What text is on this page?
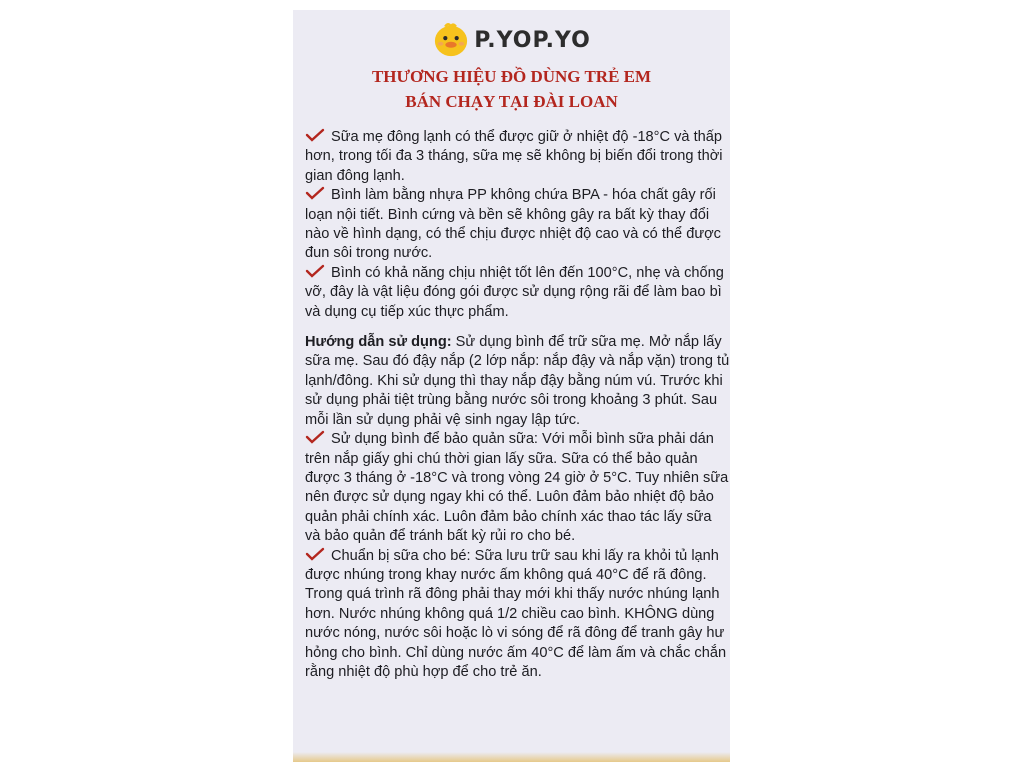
P.YOP.YO
THƯƠNG HIỆU ĐỒ DÙNG TRẺ EM
BÁN CHẠY TẠI ĐÀI LOAN
Sữa mẹ đông lạnh có thể được giữ ở nhiệt độ -18°C và thấp hơn, trong tối đa 3 tháng, sữa mẹ sẽ không bị biến đổi trong thời gian đông lạnh.
Bình làm bằng nhựa PP không chứa BPA - hóa chất gây rối loạn nội tiết. Bình cứng và bền sẽ không gây ra bất kỳ thay đổi nào về hình dạng, có thể chịu được nhiệt độ cao và có thể được đun sôi trong nước.
Bình có khả năng chịu nhiệt tốt lên đến 100°C, nhẹ và chống vỡ, đây là vật liệu đóng gói được sử dụng rộng rãi để làm bao bì và dụng cụ tiếp xúc thực phẩm.
Hướng dẫn sử dụng: Sử dụng bình để trữ sữa mẹ. Mở nắp lấy sữa mẹ. Sau đó đậy nắp (2 lớp nắp: nắp đậy và nắp vặn) trong tủ lạnh/đông. Khi sử dụng thì thay nắp đậy bằng núm vú. Trước khi sử dụng phải tiệt trùng bằng nước sôi trong khoảng 3 phút. Sau mỗi lần sử dụng phải vệ sinh ngay lập tức.
Sử dụng bình để bảo quản sữa: Với mỗi bình sữa phải dán trên nắp giấy ghi chú thời gian lấy sữa. Sữa có thể bảo quản được 3 tháng ở -18°C và trong vòng 24 giờ ở 5°C. Tuy nhiên sữa nên được sử dụng ngay khi có thể. Luôn đảm bảo nhiệt độ bảo quản phải chính xác. Luôn đảm bảo chính xác thao tác lấy sữa và bảo quản để tránh bất kỳ rủi ro cho bé.
Chuẩn bị sữa cho bé: Sữa lưu trữ sau khi lấy ra khỏi tủ lạnh được nhúng trong khay nước ấm không quá 40°C để rã đông. Trong quá trình rã đông phải thay mới khi thấy nước nhúng lạnh hơn. Nước nhúng không quá 1/2 chiều cao bình. KHÔNG dùng nước nóng, nước sôi hoặc lò vi sóng để rã đông để tranh gây hư hỏng cho bình. Chỉ dùng nước ấm 40°C để làm ấm và chắc chắn rằng nhiệt độ phù hợp để cho trẻ ăn.
